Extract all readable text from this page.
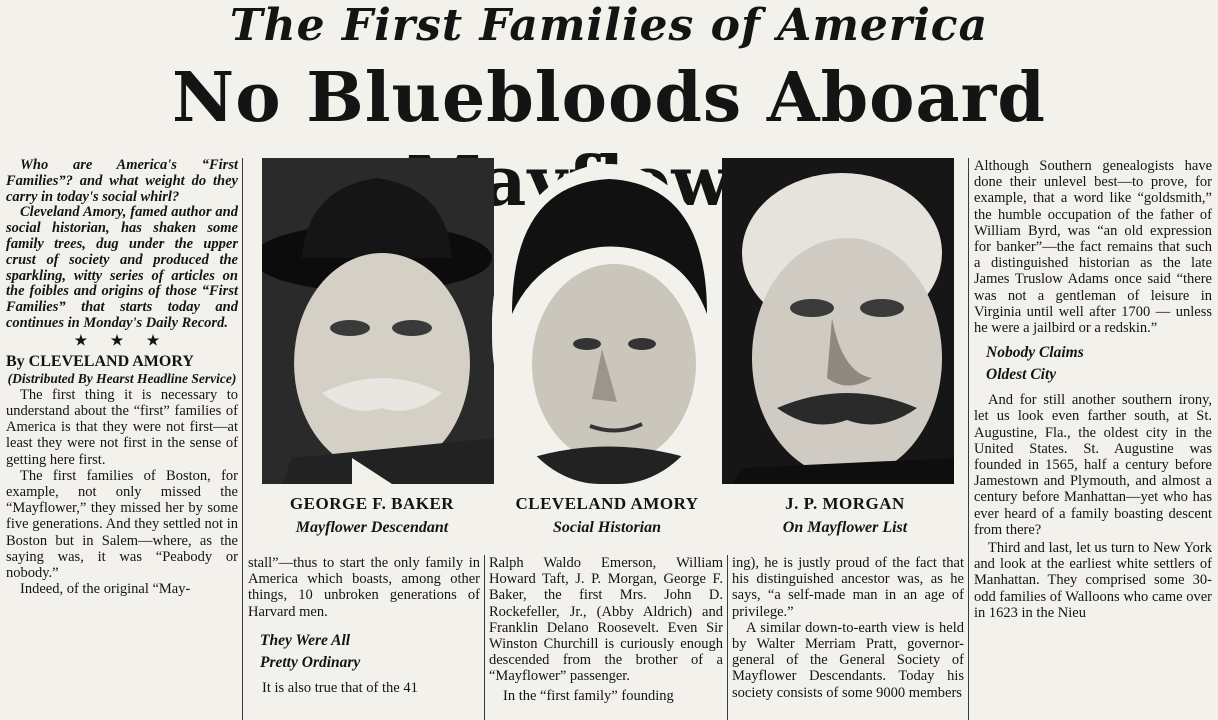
The First Families of America
No Bluebloods Aboard

Who are America's “First Families”? and what weight do they carry in today's social whirl?

Cleveland Amory, famed author and social historian, has shaken some family trees, dug under the upper crust of society and produced the sparkling, witty series of articles on the foibles and origins of those “First Families” that starts today and continues in Monday's Daily Record.

★ ★ ★
By CLEVELAND AMORY
(Distributed By Hearst Headline Service)

The first thing it is necessary to understand about the “first” families of America is that they were not first—at least they were not first in the sense of getting here first.

The first families of Boston, for example, not only missed the “Mayflower,” they missed her by some five generations. And they settled not in Boston but in Salem—where, as the saying was, it was “Peabody or nobody.”

Indeed, of the original “May-

GEORGE F. BAKER
Mayflower Descendant
CLEVELAND AMORY
Social Historian
J. P. MORGAN
On Mayflower List

stall”—thus to start the only family in America which boasts, among other things, 10 unbroken generations of Harvard men.

They Were All
Pretty Ordinary

It is also true that of the 41

Ralph Waldo Emerson, William Howard Taft, J. P. Morgan, George F. Baker, the first Mrs. John D. Rockefeller, Jr., (Abby Aldrich) and Franklin Delano Roosevelt. Even Sir Winston Churchill is curiously enough descended from the brother of a “Mayflower” passenger.

In the “first family” founding

ing), he is justly proud of the fact that his distinguished ancestor was, as he says, “a self-made man in an age of privilege.”

A similar down-to-earth view is held by Walter Merriam Pratt, governor-general of the General Society of Mayflower Descendants. Today his society consists of some 9000 members

Although Southern genealogists have done their unlevel best—to prove, for example, that a word like “goldsmith,” the humble occupation of the father of William Byrd, was “an old expression for banker”—the fact remains that such a distinguished historian as the late James Truslow Adams once said “there was not a gentleman of leisure in Virginia until well after 1700 — unless he were a jailbird or a redskin.”

Nobody Claims
Oldest City

And for still another southern irony, let us look even farther south, at St. Augustine, Fla., the oldest city in the United States. St. Augustine was founded in 1565, half a century before Jamestown and Plymouth, and almost a century before Manhattan—yet who has ever heard of a family boasting descent from there?

Third and last, let us turn to New York and look at the earliest white settlers of Manhattan. They comprised some 30-odd families of Walloons who came over in 1623 in the Nieu
